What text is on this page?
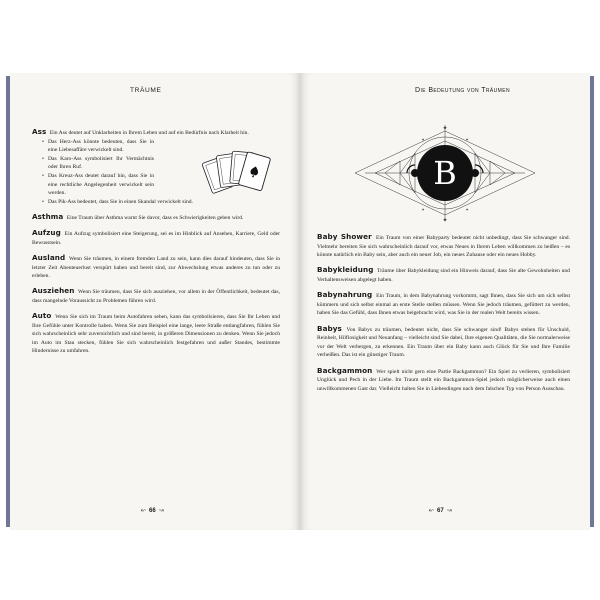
TRÄUME
Ass Ein Ass deutet auf Unklarheiten in Ihrem Leben und auf ein Bedürfnis nach Klarheit hin.
• Das Herz-Ass könnte bedeuten, dass Sie in eine Liebesaffäre verwickelt sind.
• Das Karo-Ass symbolisiert Ihr Vermächtnis oder Ihren Ruf.
• Das Kreuz-Ass deutet darauf hin, dass Sie in eine rechtliche Angelegenheit verwickelt sein werden.
• Das Pik-Ass bedeutet, dass Sie in einen Skandal verwickelt sind.
Asthma Eine Traum über Asthma warnt Sie davor, dass es Schwierigkeiten geben wird.
Aufzug Ein Aufzug symbolisiert eine Steigerung, sei es im Hinblick auf Ansehen, Karriere, Geld oder Bewusstsein.
Ausland Wenn Sie träumen, in einem fremden Land zu sein, kann dies darauf hindeuten, dass Sie in letzter Zeit Abenteuerlust verspürt haben und bereit sind, zur Abwechslung etwas anderes zu tun oder zu erleben.
Ausziehen Wenn Sie träumen, dass Sie sich ausziehen, vor allem in der Öffentlichkeit, bedeutet das, dass mangelnde Voraussicht zu Problemen führen wird.
Auto Wenn Sie sich im Traum beim Autofahren sehen, kann das symbolisieren, dass Sie Ihr Leben und Ihre Gefühle unter Kontrolle haben. Wenn Sie zum Beispiel eine lange, leere Straße entlangfahren, fühlen Sie sich wahrscheinlich sehr zuversichtlich und sind bereit, in größeren Dimensionen zu denken. Wenn Sie jedoch im Auto im Stau stecken, fühlen Sie sich wahrscheinlich festgefahren und außer Standes, bestimmte Hindernisse zu umfahren.
↜ 66 ↝
Die Bedeutung von Träumen
B
✦
✦
✦	✦
✦	✦
Baby Shower Ein Traum von einer Babyparty bedeutet nicht unbedingt, dass Sie schwanger sind. Vielmehr bereiten Sie sich wahrscheinlich darauf vor, etwas Neues in Ihrem Leben willkommen zu heißen – es könnte natürlich ein Baby sein, aber auch ein neuer Job, ein neues Zuhause oder ein neues Hobby.
Babykleidung Träume über Babykleidung sind ein Hinweis darauf, dass Sie alte Gewohnheiten und Verhaltensweisen abgelegt haben.
Babynahrung Ein Traum, in dem Babynahrung vorkommt, sagt Ihnen, dass Sie sich um sich selbst kümmern und sich selbst einmal an erste Stelle stellen müssen. Wenn Sie jedoch träumen, gefüttert zu werden, haben Sie das Gefühl, dass Ihnen etwas beigebracht wird, was Sie in der realen Welt bereits wissen.
Babys Von Babys zu träumen, bedeutet nicht, dass Sie schwanger sind! Babys stehen für Unschuld, Reinheit, Hilflosigkeit und Neuanfang – vielleicht sind Sie dabei, Ihre eigenen Qualitäten, die Sie normalerweise vor der Welt verbergen, zu erkennen. Ein Traum über ein Baby kann auch Glück für Sie und Ihre Familie verheißen. Das ist ein günstiger Traum.
Backgammon Wer spielt nicht gern eine Partie Backgammon? Ein Spiel zu verlieren, symbolisiert Unglück und Pech in der Liebe. Im Traum stellt ein Backgammon-Spiel jedoch möglicherweise auch einen unwillkommenen Gast dar. Vielleicht halten Sie in Liebesdingen nach dem falschen Typ von Person Ausschau.
↜ 67 ↝
